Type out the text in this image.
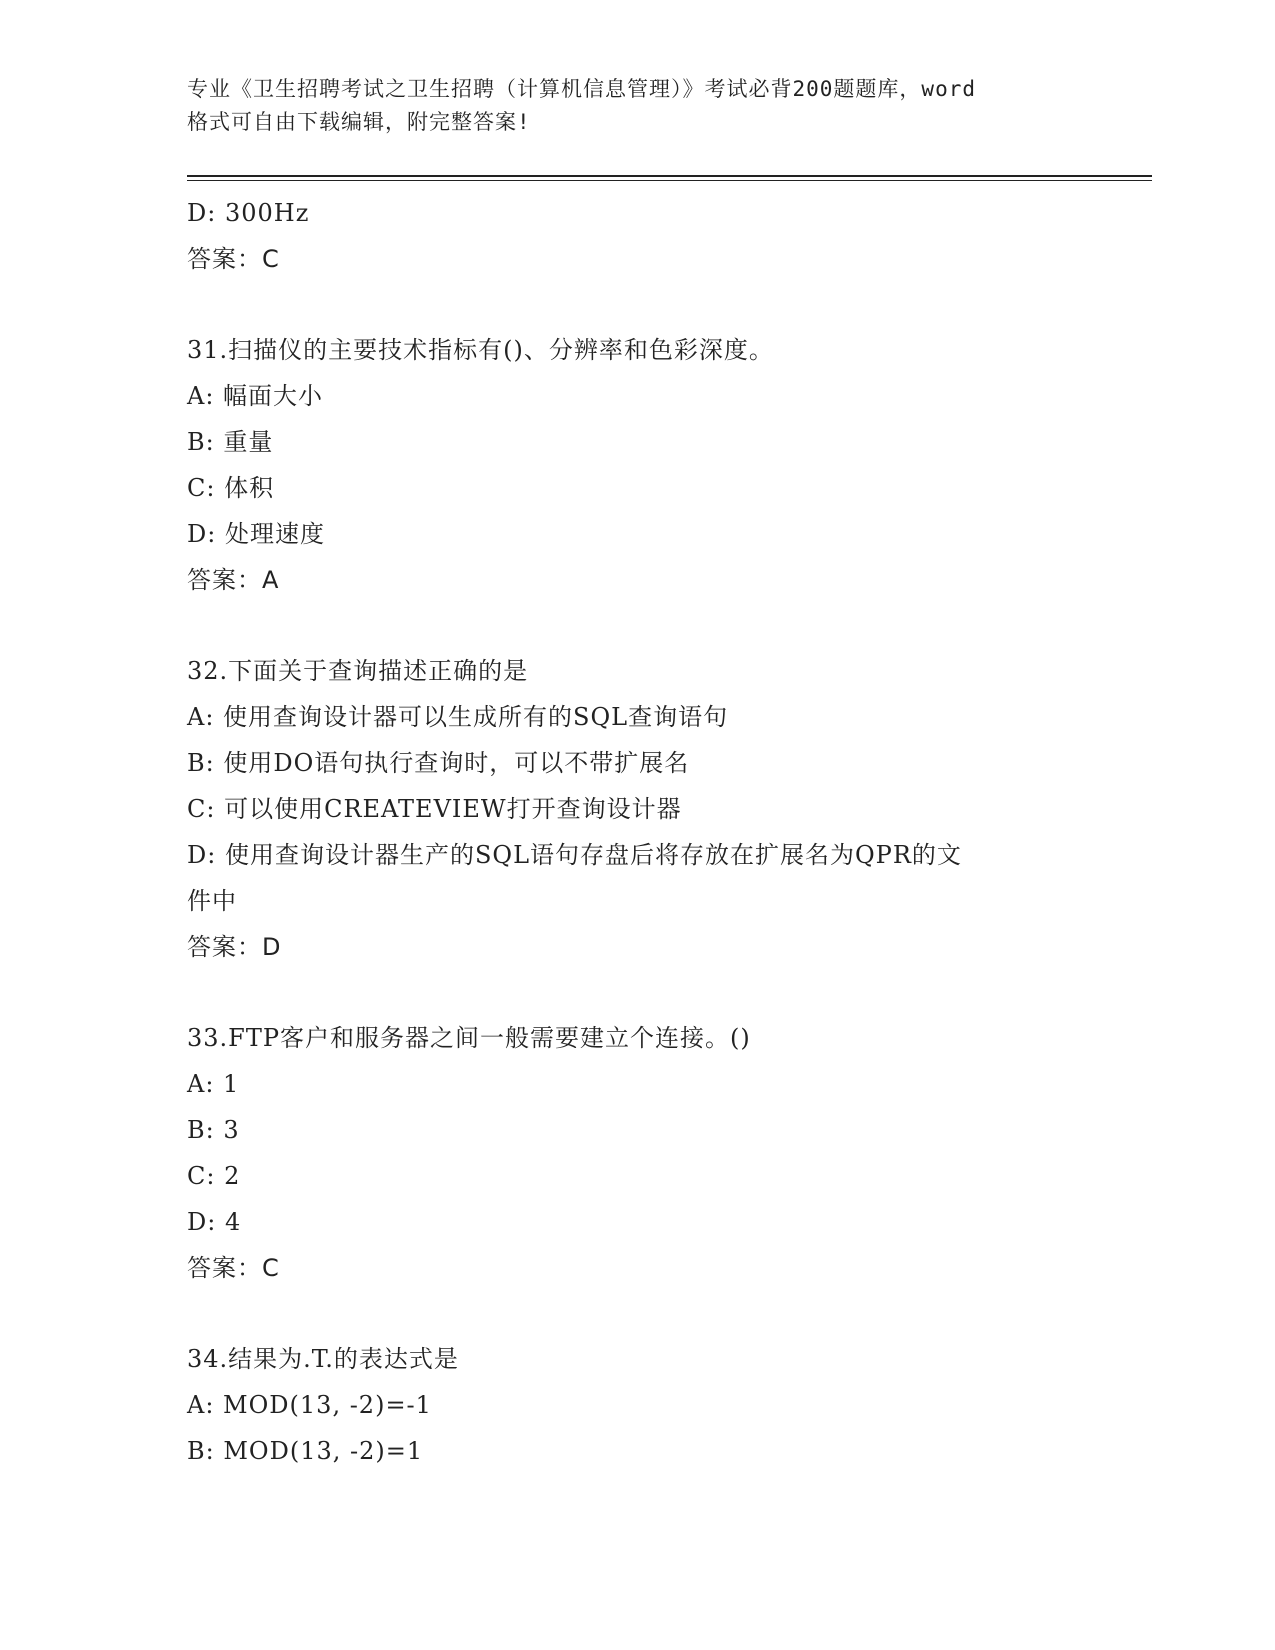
专业《卫生招聘考试之卫生招聘（计算机信息管理）》考试必背200题题库，word
格式可自由下载编辑，附完整答案!
D: 300Hz
答案：C
31.扫描仪的主要技术指标有()、分辨率和色彩深度。
A: 幅面大小
B: 重量
C: 体积
D: 处理速度
答案：A
32.下面关于查询描述正确的是
A: 使用查询设计器可以生成所有的SQL查询语句
B: 使用DO语句执行查询时，可以不带扩展名
C: 可以使用CREATEVIEW打开查询设计器
D: 使用查询设计器生产的SQL语句存盘后将存放在扩展名为QPR的文
件中
答案：D
33.FTP客户和服务器之间一般需要建立个连接。()
A: 1
B: 3
C: 2
D: 4
答案：C
34.结果为.T.的表达式是
A: MOD(13, -2)=-1
B: MOD(13, -2)=1
